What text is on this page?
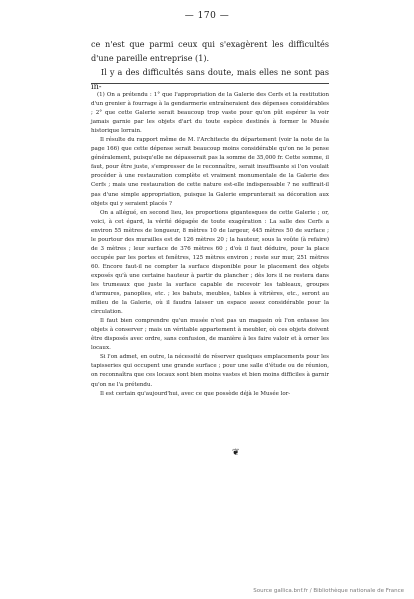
— 170 —

ce n'est que parmi ceux qui s'exagèrent les difficultés d'une pareille entreprise (1).

Il y a des difficultés sans doute, mais elles ne sont pas in-

(1) On a prétendu : 1° que l'appropriation de la Galerie des Cerfs et la restitution d'un grenier à fourrage à la gendarmerie entraîneraient des dépenses considérables ; 2° que cette Galerie serait beaucoup trop vaste pour qu'on pût espérer la voir jamais garnie par les objets d'art du toute espèce destinés à former le Musée historique lorrain.

Il résulte du rapport même de M. l'Architecte du département (voir la note de la page 166) que cette dépense serait beaucoup moins considérable qu'on ne le pense généralement, puisqu'elle ne dépasserait pas la somme de 35,000 fr. Cette somme, il faut, pour être juste, s'empresser de le reconnaître, serait insuffisante si l'on voulait procéder à une restauration complète et vraiment monumentale de la Galerie des Cerfs ; mais une restauration de cette nature est-elle indispensable ? ne suffirait-il pas d'une simple appropriation, puisque la Galerie emprunterait sa décoration aux objets qui y seraient placés ?

On a allégué, en second lieu, les proportions gigantesques de cette Galerie ; or, voici, à cet égard, la vérité dégagée de toute exagération : La salle des Cerfs a environ 55 mètres de longueur, 8 mètres 10 de largeur, 445 mètres 50 de surface ; le pourtour des murailles est de 126 mètres 20 ; la hauteur, sous la voûte (à refaire) de 3 mètres ; leur surface de 376 mètres 60 ; d'où il faut déduire, pour la place occupée par les portes et fenêtres, 125 mètres environ ; reste sur mur, 251 mètres 60. Encore faut-il ne compter la surface disponible pour le placement des objets exposés qu'à une certaine hauteur à partir du plancher ; dès lors il ne restera dans les trumeaux que juste la surface capable de recevoir les tableaux, groupes d'armures, panoplies, etc. ; les bahuts, meubles, tables à vitrières, etc., seront au milieu de la Galerie, où il faudra laisser un espace assez considérable pour la circulation.

Il faut bien comprendre qu'un musée n'est pas un magasin où l'on entasse les objets à conserver ; mais un véritable appartement à meubler, où ces objets doivent être disposés avec ordre, sans confusion, de manière à les faire valoir et à orner les locaux.

Si l'on admet, en outre, la nécessité de réserver quelques emplacements pour les tapisseries qui occupent une grande surface ; pour une salle d'étude ou de réunion, on reconnaîtra que ces locaux sont bien moins vastes et bien moins difficiles à garnir qu'on ne l'a prétendu.

Il est certain qu'aujourd'hui, avec ce que possède déjà le Musée lor-

❦
Source gallica.bnf.fr / Bibliothèque nationale de France
